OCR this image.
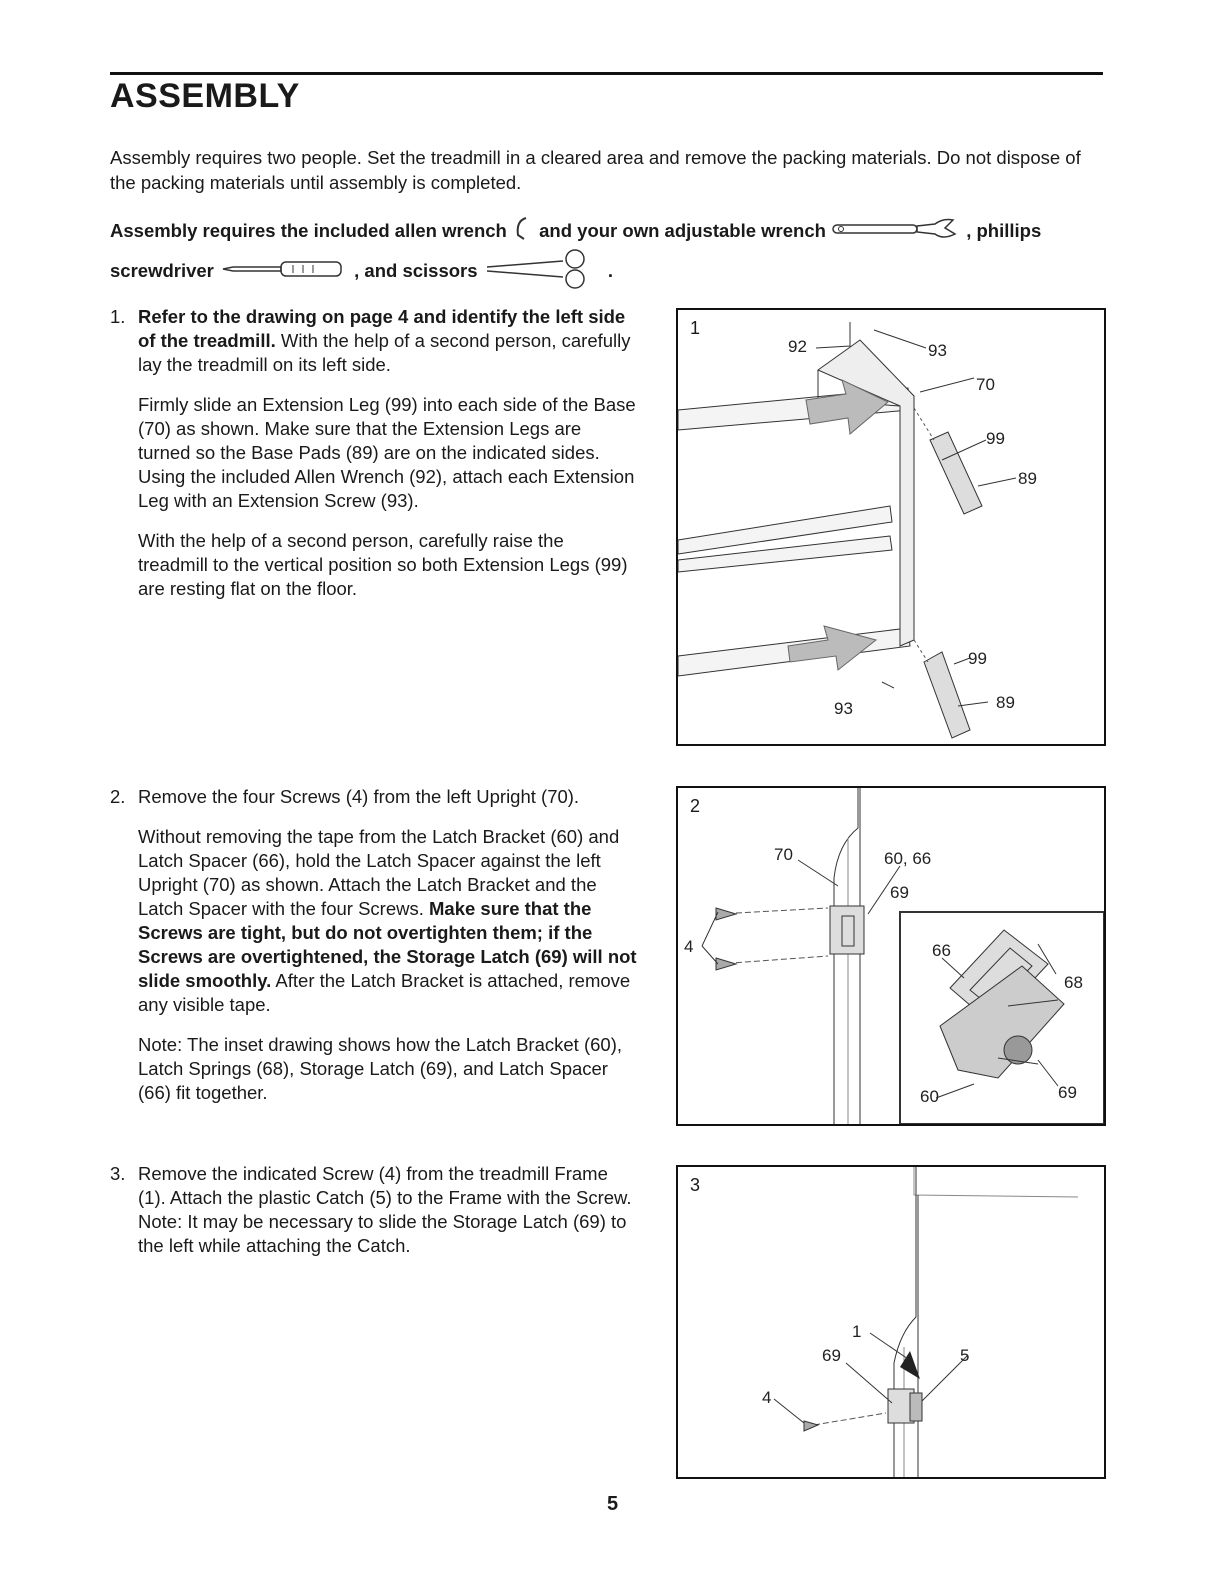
ASSEMBLY
Assembly requires two people. Set the treadmill in a cleared area and remove the packing materials. Do not dispose of the packing materials until assembly is completed.
Assembly requires the included allen wrench and your own adjustable wrench	, phillips screwdriver	, and scissors	.
1. Refer to the drawing on page 4 and identify the left side of the treadmill. With the help of a second person, carefully lay the treadmill on its left side.

Firmly slide an Extension Leg (99) into each side of the Base (70) as shown. Make sure that the Extension Legs are turned so the Base Pads (89) are on the indicated sides. Using the included Allen Wrench (92), attach each Extension Leg with an Extension Screw (93).

With the help of a second person, carefully raise the treadmill to the vertical position so both Extension Legs (99) are resting flat on the floor.

1
92	93
70
99
89
99
93	89
2. Remove the four Screws (4) from the left Upright (70).

Without removing the tape from the Latch Bracket (60) and Latch Spacer (66), hold the Latch Spacer against the left Upright (70) as shown. Attach the Latch Bracket and the Latch Spacer with the four Screws. Make sure that the Screws are tight, but do not overtighten them; if the Screws are overtightened, the Storage Latch (69) will not slide smoothly. After the Latch Bracket is attached, remove any visible tape.

Note: The inset drawing shows how the Latch Bracket (60), Latch Springs (68), Storage Latch (69), and Latch Spacer (66) fit together.

2
70	60, 66
69
4	66
68
60	69
3. Remove the indicated Screw (4) from the treadmill Frame (1). Attach the plastic Catch (5) to the Frame with the Screw. Note: It may be necessary to slide the Storage Latch (69) to the left while attaching the Catch.

3
1
69	5
4
5
